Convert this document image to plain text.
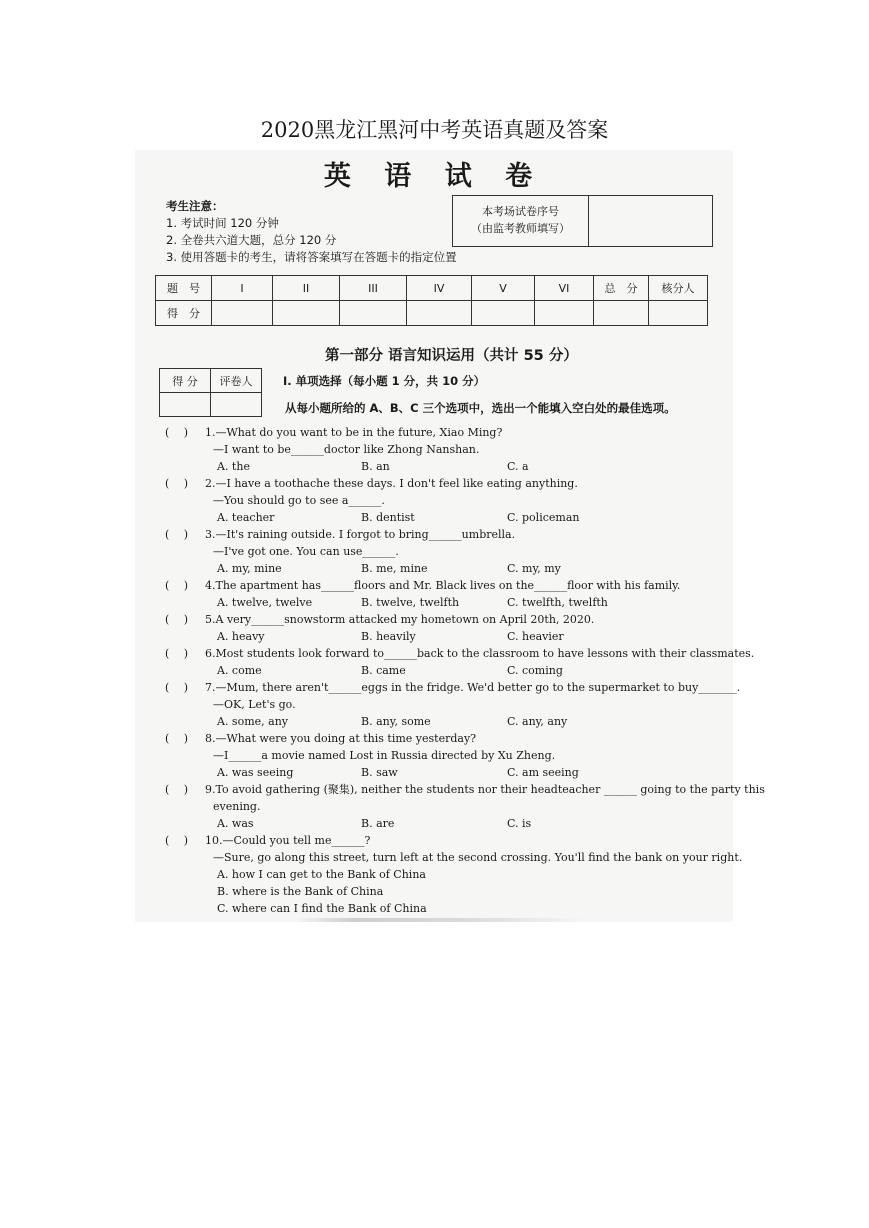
2020黑龙江黑河中考英语真题及答案
英 语 试 卷
考生注意：
1. 考试时间 120 分钟
2. 全卷共六道大题，总分 120 分
3. 使用答题卡的考生，请将答案填写在答题卡的指定位置
本考场试卷序号
（由监考教师填写）
题　号	I	II	III	IV	V	VI	总　分	核分人
得　分								
第一部分 语言知识运用（共计 55 分）
得 分	评卷人
		I. 单项选择（每小题 1 分，共 10 分）
从每小题所给的 A、B、C 三个选项中，选出一个能填入空白处的最佳选项。
(　 ) 1.—What do you want to be in the future, Xiao Ming?
—I want to be______doctor like Zhong Nanshan.
A. the	B. an	C. a
(　 ) 2.—I have a toothache these days. I don't feel like eating anything.
—You should go to see a______.
A. teacher	B. dentist	C. policeman
(　 ) 3.—It's raining outside. I forgot to bring______umbrella.
—I've got one. You can use______.
A. my, mine	B. me, mine	C. my, my
(　 ) 4.The apartment has______floors and Mr. Black lives on the______floor with his family.
A. twelve, twelve	B. twelve, twelfth	C. twelfth, twelfth
(　 ) 5.A very______snowstorm attacked my hometown on April 20th, 2020.
A. heavy	B. heavily	C. heavier
(　 ) 6.Most students look forward to______back to the classroom to have lessons with their classmates.
A. come	B. came	C. coming
(　 ) 7.—Mum, there aren't______eggs in the fridge. We'd better go to the supermarket to buy_______.
—OK, Let's go.
A. some, any	B. any, some	C. any, any
(　 ) 8.—What were you doing at this time yesterday?
—I______a movie named Lost in Russia directed by Xu Zheng.
A. was seeing	B. saw	C. am seeing
(　 ) 9.To avoid gathering (聚集), neither the students nor their headteacher ______ going to the party this
evening.
A. was	B. are	C. is
(　 ) 10.—Could you tell me______?
—Sure, go along this street, turn left at the second crossing. You'll find the bank on your right.
A. how I can get to the Bank of China
B. where is the Bank of China
C. where can I find the Bank of China
